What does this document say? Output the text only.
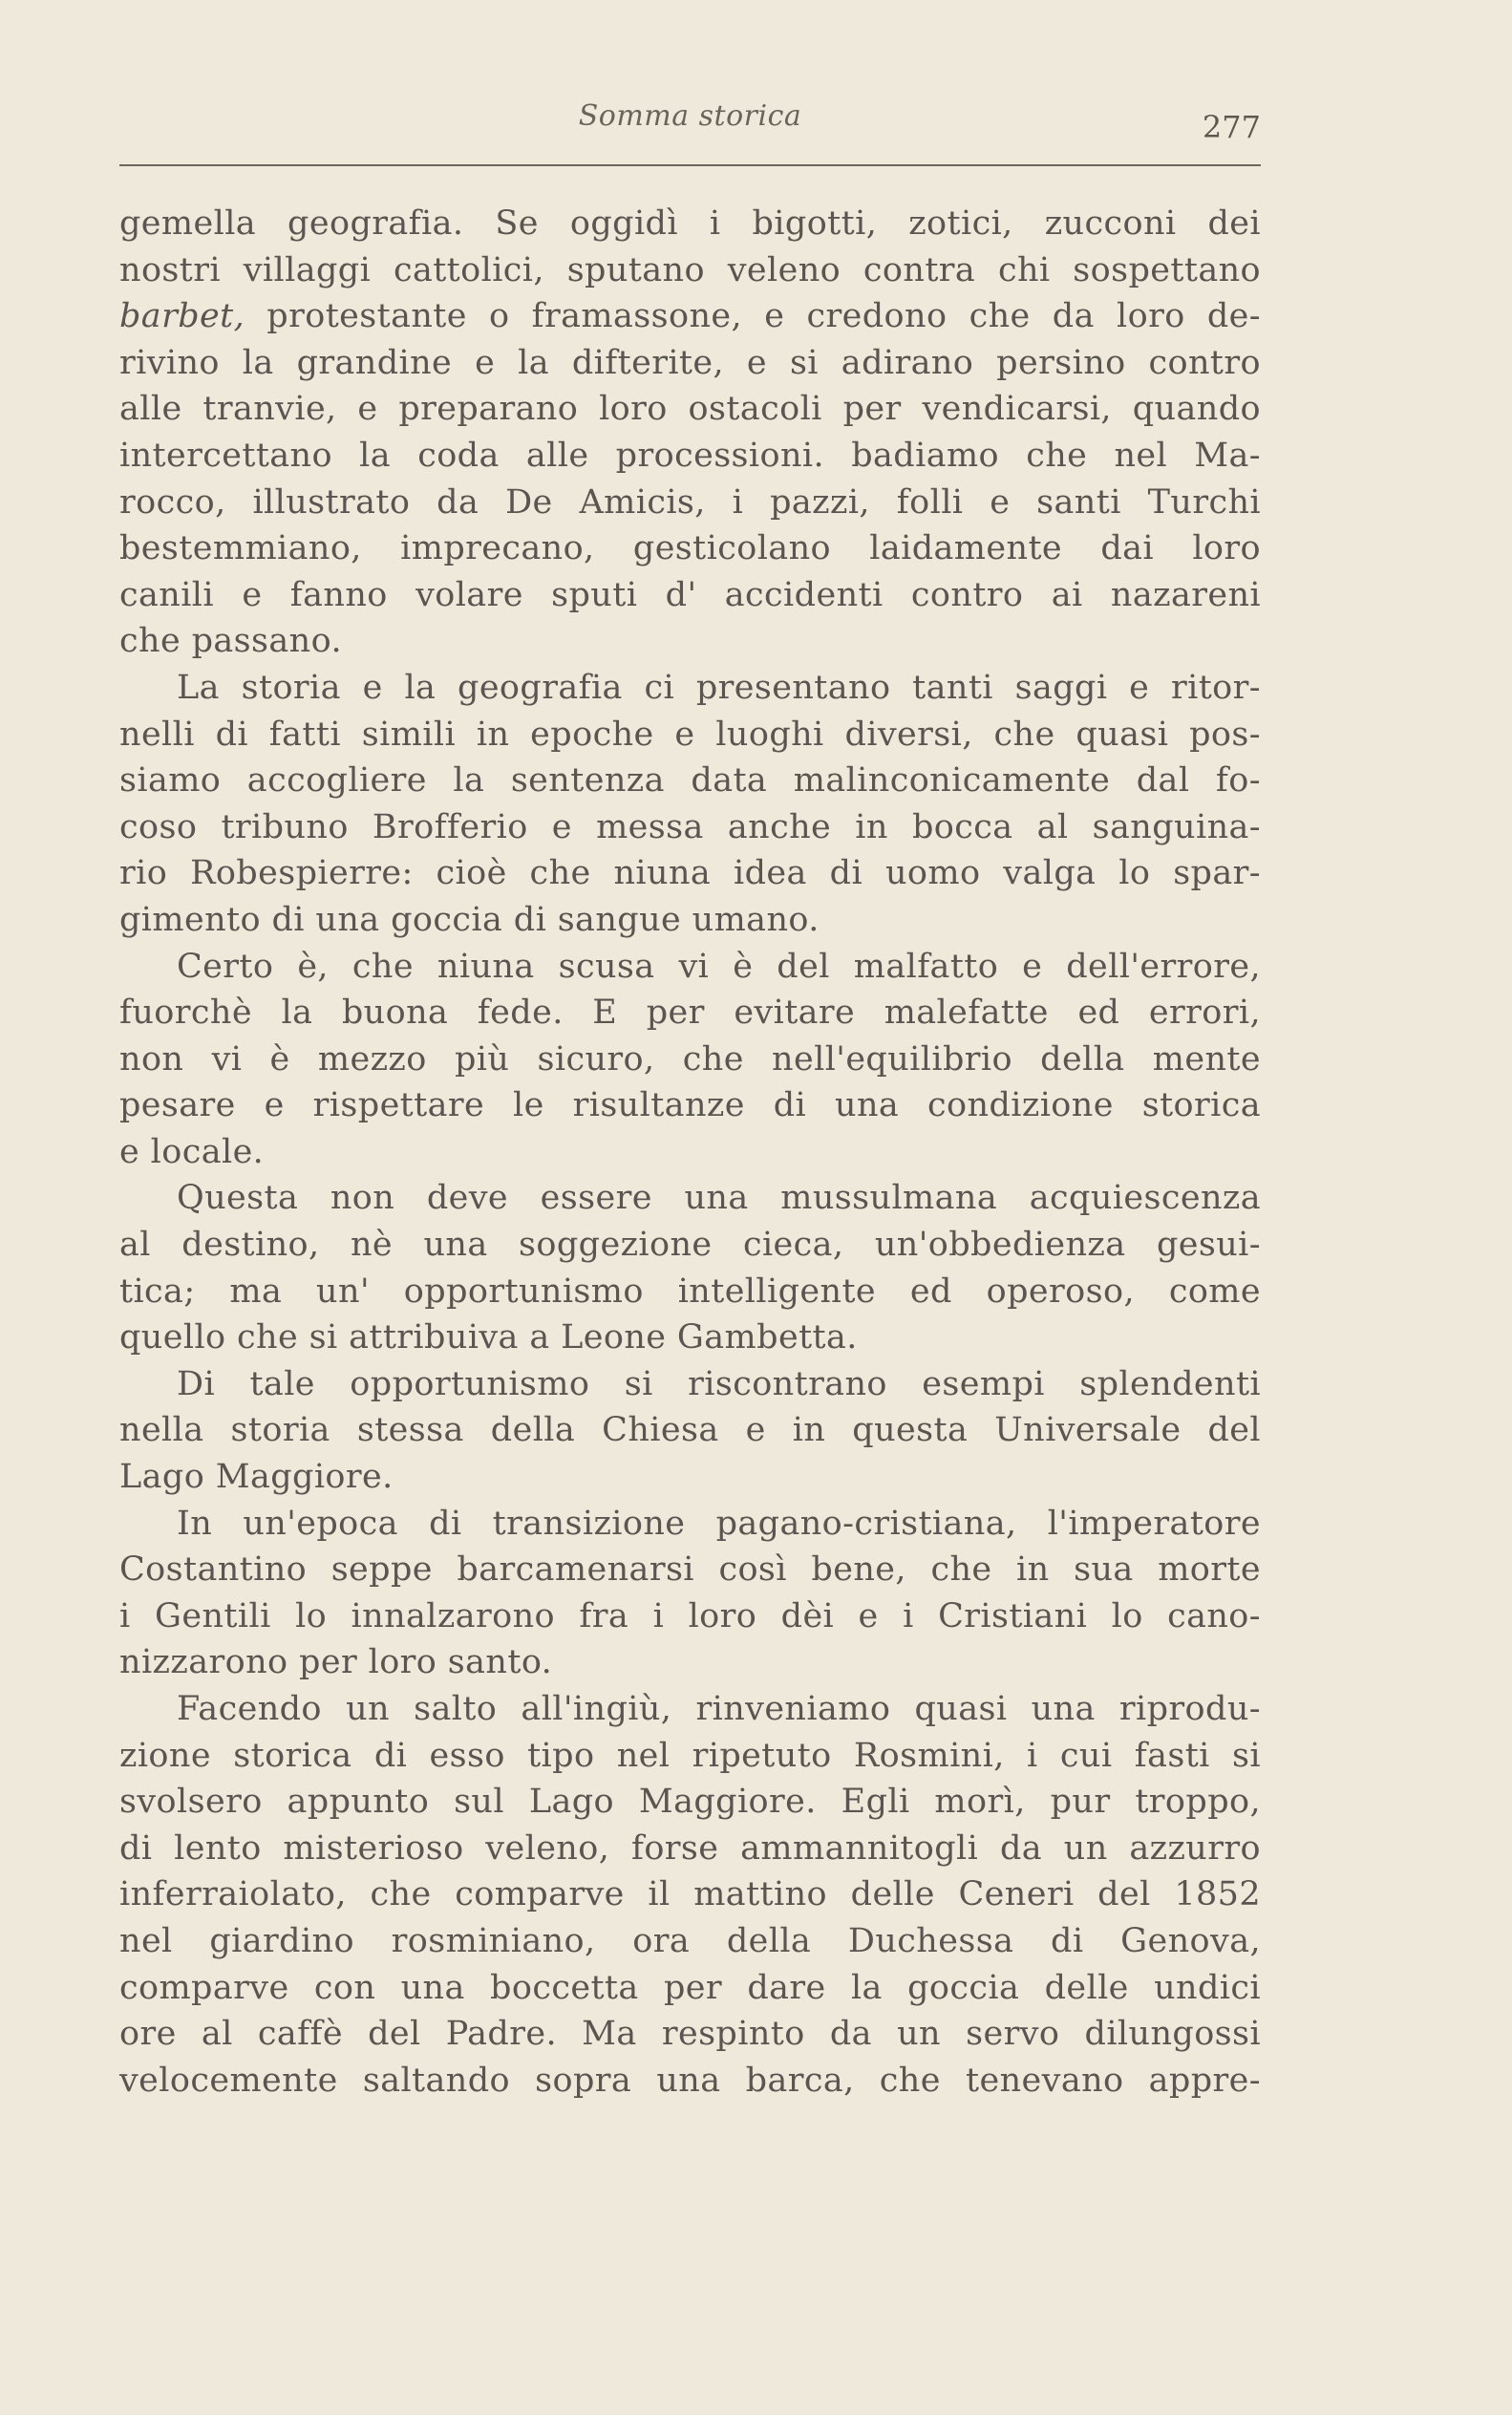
Somma storica	277
gemella geografia. Se oggidì i bigotti, zotici, zucconi dei
nostri villaggi cattolici, sputano veleno contra chi sospettano
barbet, protestante o framassone, e credono che da loro de-
rivino la grandine e la difterite, e si adirano persino contro
alle tranvie, e preparano loro ostacoli per vendicarsi, quando
intercettano la coda alle processioni. badiamo che nel Ma-
rocco, illustrato da De Amicis, i pazzi, folli e santi Turchi
bestemmiano, imprecano, gesticolano laidamente dai loro
canili e fanno volare sputi d' accidenti contro ai nazareni
che passano.
La storia e la geografia ci presentano tanti saggi e ritor-
nelli di fatti simili in epoche e luoghi diversi, che quasi pos-
siamo accogliere la sentenza data malinconicamente dal fo-
coso tribuno Brofferio e messa anche in bocca al sanguina-
rio Robespierre: cioè che niuna idea di uomo valga lo spar-
gimento di una goccia di sangue umano.
Certo è, che niuna scusa vi è del malfatto e dell'errore,
fuorchè la buona fede. E per evitare malefatte ed errori,
non vi è mezzo più sicuro, che nell'equilibrio della mente
pesare e rispettare le risultanze di una condizione storica
e locale.
Questa non deve essere una mussulmana acquiescenza
al destino, nè una soggezione cieca, un'obbedienza gesui-
tica; ma un' opportunismo intelligente ed operoso, come
quello che si attribuiva a Leone Gambetta.
Di tale opportunismo si riscontrano esempi splendenti
nella storia stessa della Chiesa e in questa Universale del
Lago Maggiore.
In un'epoca di transizione pagano-cristiana, l'imperatore
Costantino seppe barcamenarsi così bene, che in sua morte
i Gentili lo innalzarono fra i loro dèi e i Cristiani lo cano-
nizzarono per loro santo.
Facendo un salto all'ingiù, rinveniamo quasi una riprodu-
zione storica di esso tipo nel ripetuto Rosmini, i cui fasti si
svolsero appunto sul Lago Maggiore. Egli morì, pur troppo,
di lento misterioso veleno, forse ammannitogli da un azzurro
inferraiolato, che comparve il mattino delle Ceneri del 1852
nel giardino rosminiano, ora della Duchessa di Genova,
comparve con una boccetta per dare la goccia delle undici
ore al caffè del Padre. Ma respinto da un servo dilungossi
velocemente saltando sopra una barca, che tenevano appre-
